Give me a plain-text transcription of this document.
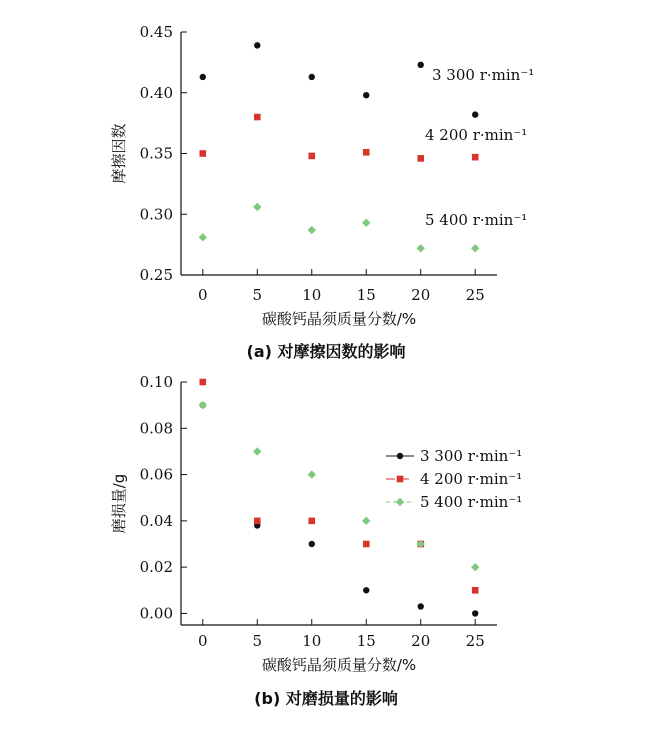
0	5	10 15 20 25
0.25
0.30
0.35
0.40
0.45
碳酸钙晶须质量分数/%
摩擦因数
(a) 对摩擦因数的影响
3 300 r·min⁻¹
4 200 r·min⁻¹
5 400 r·min⁻¹
0	5	10 15 20 25
0.00
0.02
0.04
0.06
0.08
0.10
碳酸钙晶须质量分数/%
磨损量/g
(b) 对磨损量的影响
3 300 r·min⁻¹
4 200 r·min⁻¹
5 400 r·min⁻¹
